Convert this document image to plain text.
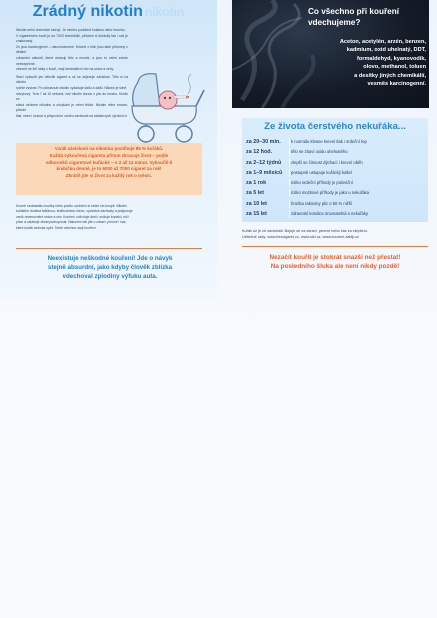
Zrádný nikotin nikotin
Nikotin mění chemické ústrojí. Je mnoho podobné kokainu nebo heroinu.
V cigaretovém kouři je na 7000 chemikálií, přičemž si kuřácký tak i ocit je znakovaný.
Zn jsou karcinogenní – rakovinotvorné. Mnohé z nich jsou také přítomny v dětské
zdravotní zákoně, které otravují tělo a mozek, a jsou to velmi zdraví nebezpečné,
obecně se šíří látky v kouři, mají destruktivní vliv na srdce a cévy.
Stačí vykouřit jen několik cigaret a už se objevuje závislost. Tělo si na nikotin
rychle zvykne. Po dohasnutí nikotin vyžaduje další a další. Nikotin je silně
návykový. Trvá 7 až 10 sekund, než nikotin dorazí z plic do mozku. Kuřák se
stává otrokem nikotinu a odvykání je velmi těžké. Nikotin mění emoce, působí
tlak, stres i úzkost a přispívá ke vzniku závislosti na tabákových výrobcích.
Vznik závislosti na nikotinu postihuje 85 % kuřáků.
Každá vykouřená cigareta přitom zkracuje život – podle
odborníků cigaretové kuřácké – o 2 až 12 minut. Vykouříš-li
krabičku denně, je to 6000 až 7000 cigaret za rok!
Zkrátíš jde si život za každý rok o měsíc.
Kromě nedostatku kouřky nebo pocitu uvolnění si nelze nic koupit. Nikotin
kuřákům dodává falešnou, krátkodobou úlevu, vyvolává záchvaty a podporuje
vznik onemocnění srdce a cév. Kouření ovlivňuje dech, snižuje kondici, ničí
plíce a oslabuje obranyschopnost. Nakonec tak jde o zdraví, peníze i čas,
které kuřák nezíská zpět. Tohle všechno stojí kouření.
Neexistuje neškodné kouření! Jde o návyk
stejně absurdní, jako kdyby člověk zblízka
vdechoval zplodiny výfuku auta.
Co všechno při kouření
vdechujeme?
Aceton, acetylén, arzén, benzen,
kadmium, oxid uhelnatý, DDT,
formaldehyd, kyanovodík,
olovo, methanol, toluen
a desítky jiných chemikálií,
vesměs karcinogenní.
Ze života čerstvého nekuřáka...
za 20–30 min.	k normálu klesne krevní tlak i srdeční tep
za 12 hod.	tělo se zbaví oxidu uhelnatého
za 2–12 týdnů	zlepší se činnost dýchací i krevní oběh
za 1–9 měsíců	postupně ustupuje kuřácký kašel
za 1 rok	riziko srdeční příhody je poloviční
za 5 let	riziko mozkové příhody je jako u nekuřáka
za 10 let	hrozba rakoviny plic o 50 % nižší
za 15 let	zdravotní kondice srovnatelná s nekuřáky
Kuřák už je ze závislosti: Bojuje se za zdraví, peníze nebo čas za zlepšení.
Užitečné rady: www.bezcigaret.cz, www.slzt.cz, www.koureni-zabiji.cz
Nezačít kouřit je stokrát snazší než přestat!
Na posledního šluka ale není nikdy pozdě!
